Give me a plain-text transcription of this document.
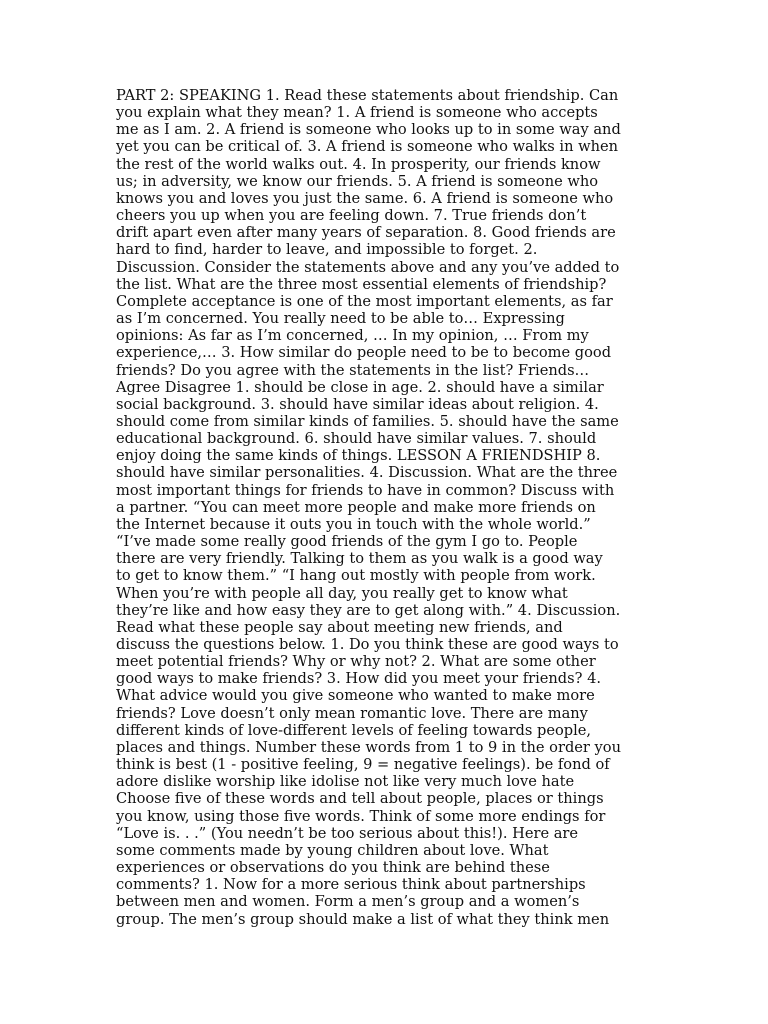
PART 2: SPEAKING 1. Read these statements about friendship. Can
you explain what they mean? 1. A friend is someone who accepts
me as I am. 2. A friend is someone who looks up to in some way and
yet you can be critical of. 3. A friend is someone who walks in when
the rest of the world walks out. 4. In prosperity, our friends know
us; in adversity, we know our friends. 5. A friend is someone who
knows you and loves you just the same. 6. A friend is someone who
cheers you up when you are feeling down. 7. True friends don’t
drift apart even after many years of separation. 8. Good friends are
hard to find, harder to leave, and impossible to forget. 2.
Discussion. Consider the statements above and any you’ve added to
the list. What are the three most essential elements of friendship?
Complete acceptance is one of the most important elements, as far
as I’m concerned. You really need to be able to… Expressing
opinions: As far as I’m concerned, … In my opinion, … From my
experience,… 3. How similar do people need to be to become good
friends? Do you agree with the statements in the list? Friends…
Agree Disagree 1. should be close in age. 2. should have a similar
social background. 3. should have similar ideas about religion. 4.
should come from similar kinds of families. 5. should have the same
educational background. 6. should have similar values. 7. should
enjoy doing the same kinds of things. LESSON A FRIENDSHIP 8.
should have similar personalities. 4. Discussion. What are the three
most important things for friends to have in common? Discuss with
a partner. “You can meet more people and make more friends on
the Internet because it outs you in touch with the whole world.”
“I’ve made some really good friends of the gym I go to. People
there are very friendly. Talking to them as you walk is a good way
to get to know them.” “I hang out mostly with people from work.
When you’re with people all day, you really get to know what
they’re like and how easy they are to get along with.” 4. Discussion.
Read what these people say about meeting new friends, and
discuss the questions below. 1. Do you think these are good ways to
meet potential friends? Why or why not? 2. What are some other
good ways to make friends? 3. How did you meet your friends? 4.
What advice would you give someone who wanted to make more
friends? Love doesn’t only mean romantic love. There are many
different kinds of love-different levels of feeling towards people,
places and things. Number these words from 1 to 9 in the order you
think is best (1 - positive feeling, 9 = negative feelings). be fond of
adore dislike worship like idolise not like very much love hate
Choose five of these words and tell about people, places or things
you know, using those five words. Think of some more endings for
“Love is. . .” (You needn’t be too serious about this!). Here are
some comments made by young children about love. What
experiences or observations do you think are behind these
comments? 1. Now for a more serious think about partnerships
between men and women. Form a men’s group and a women’s
group. The men’s group should make a list of what they think men
